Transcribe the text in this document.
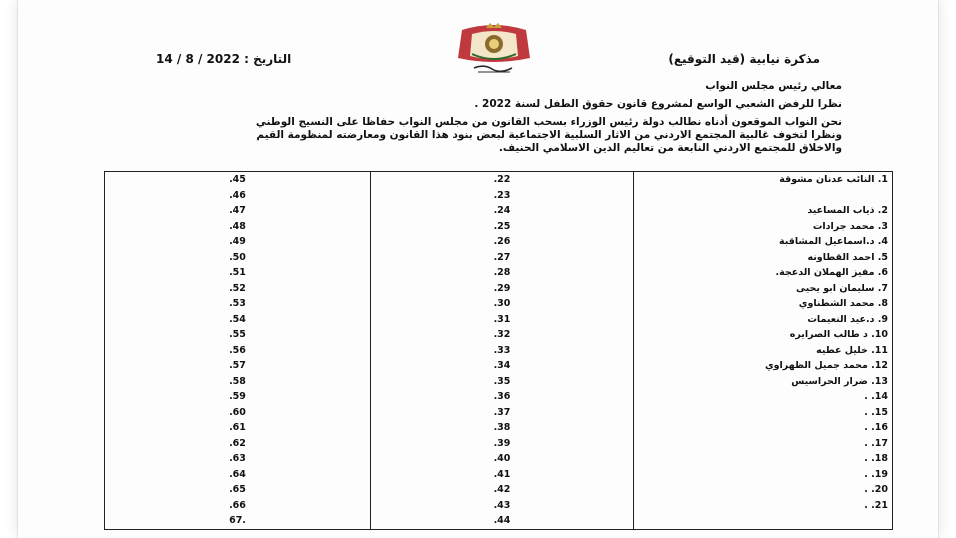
مذكرة نيابية (قيد التوقيع)
التاريخ : 14 / 8 / 2022
معالي رئيس مجلس النواب
نظرا للرفض الشعبي الواسع لمشروع قانون حقوق الطفل لسنة 2022 .
نحن النواب الموقعون أدناه نطالب دولة رئيس الوزراء بسحب القانون من مجلس النواب حفاظا على النسيج الوطني
ونظرا لتخوف غالبية المجتمع الاردني من الاثار السلبية الاجتماعية لبعض بنود هذا القانون ومعارضته لمنظومة القيم
والاخلاق للمجتمع الاردني النابعة من تعاليم الدين الاسلامي الحنيف.
.45	.22	1. النائب عدنان مشوقة
.46	.23	
.47	.24	2. ذياب المساعيد
.48	.25	3. محمد جرادات
.49	.26	4. د.اسماعيل المشاقبة
.50	.27	5. احمد القطاونه
.51	.28	6. مفيز الهملان الدعجة.
.52	.29	7. سليمان ابو يحيى
.53	.30	8. محمد الشطناوي
.54	.31	9. د.عيد النعيمات
.55	.32	10. د طالب الصرايره
.56	.33	11. خليل عطيه
.57	.34	12. محمد جميل الظهراوي
.58	.35	13. ضرار الحراسيس
.59	.36	14. .
.60	.37	15. .
.61	.38	16. .
.62	.39	17. .
.63	.40	18. .
.64	.41	19. .
.65	.42	20. .
.66	.43	21. .
67.	.44	
